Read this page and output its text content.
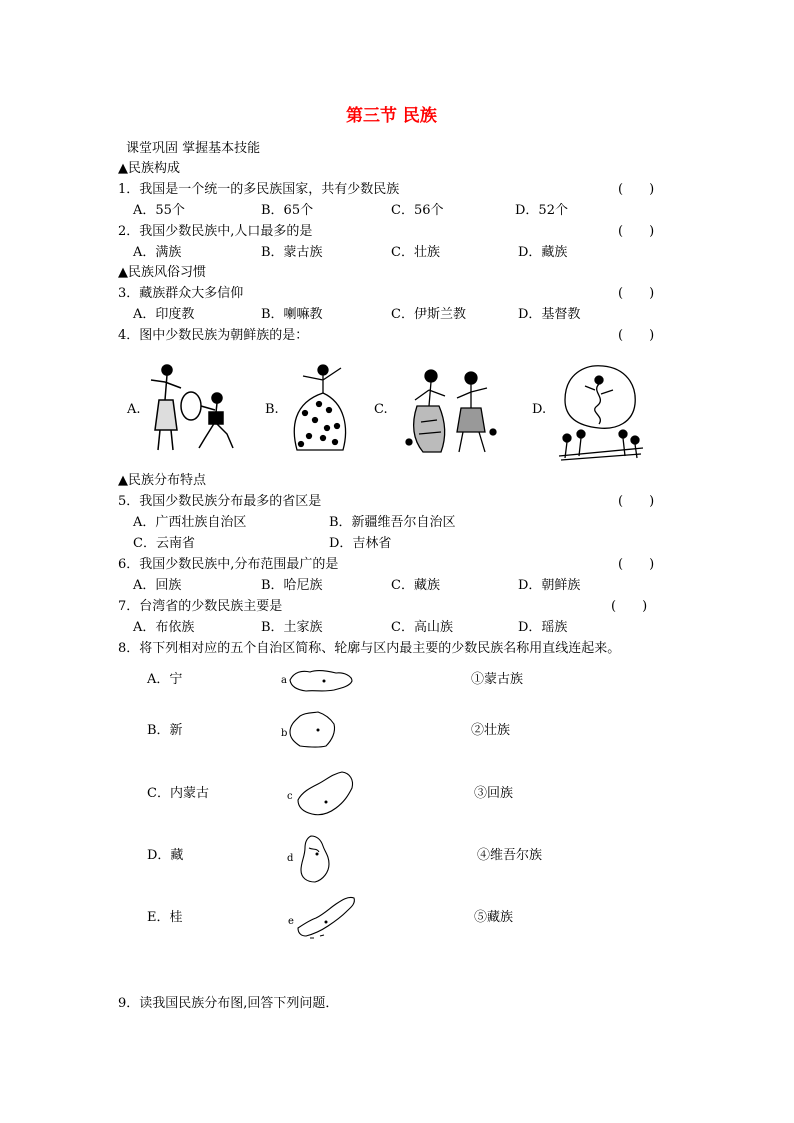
第三节 民族
课堂巩固 掌握基本技能
▲民族构成
1．我国是一个统一的多民族国家，共有少数民族	(　　)
A．55个	B．65个	C．56个	D．52个
2．我国少数民族中,人口最多的是	(　　)
A．满族	B．蒙古族	C．壮族	D．藏族
▲民族风俗习惯
3．藏族群众大多信仰	(　　)
A．印度教	B．喇嘛教	C．伊斯兰教	D．基督教
4．图中少数民族为朝鲜族的是：	(　　)
A.	B.	C.	D.
▲民族分布特点
5．我国少数民族分布最多的省区是	(　　)
A．广西壮族自治区	B．新疆维吾尔自治区
C．云南省	D．吉林省
6．我国少数民族中,分布范围最广的是	(　　)
A．回族	B．哈尼族	C．藏族	D．朝鲜族
7．台湾省的少数民族主要是	(　　)
A．布依族	B．土家族	C．高山族	D．瑶族
8．将下列相对应的五个自治区简称、轮廓与区内最主要的少数民族名称用直线连起来。
A．宁	a	①蒙古族
B．新	b	②壮族
C．内蒙古	c	③回族
D．藏	d	④维吾尔族
E．桂	e	⑤藏族
9．读我国民族分布图,回答下列问题．
